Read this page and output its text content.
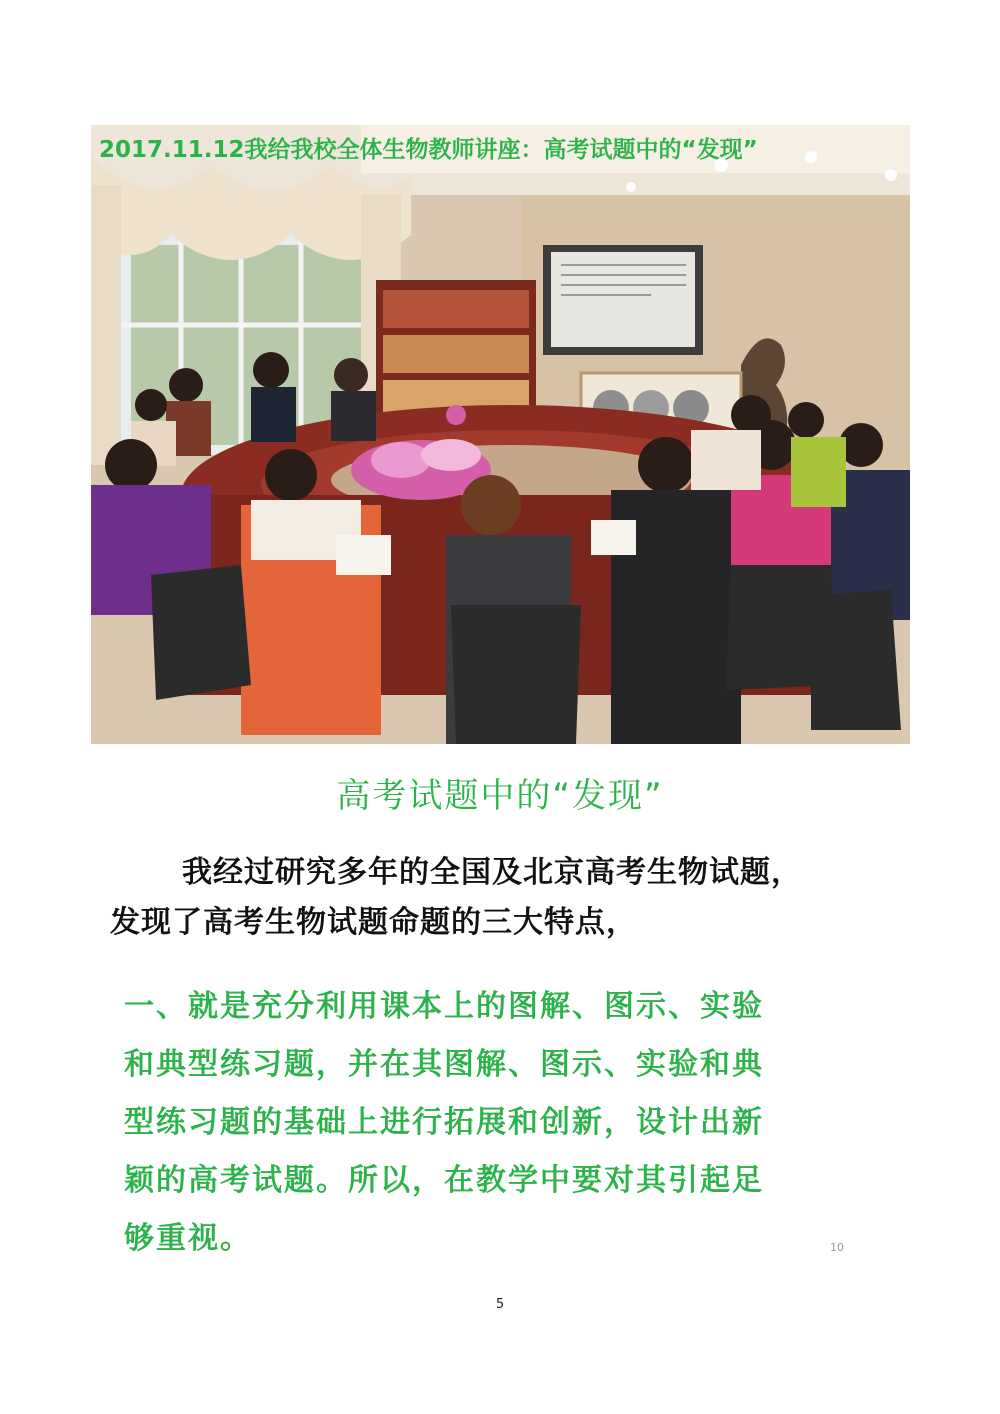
2017.11.12我给我校全体生物教师讲座：高考试题中的“发现”
高考试题中的“发现”
我经过研究多年的全国及北京高考生物试题，
发现了高考生物试题命题的三大特点，
一、就是充分利用课本上的图解、图示、实验
和典型练习题，并在其图解、图示、实验和典
型练习题的基础上进行拓展和创新，设计出新
颖的高考试题。所以，在教学中要对其引起足
够重视。	10
5
